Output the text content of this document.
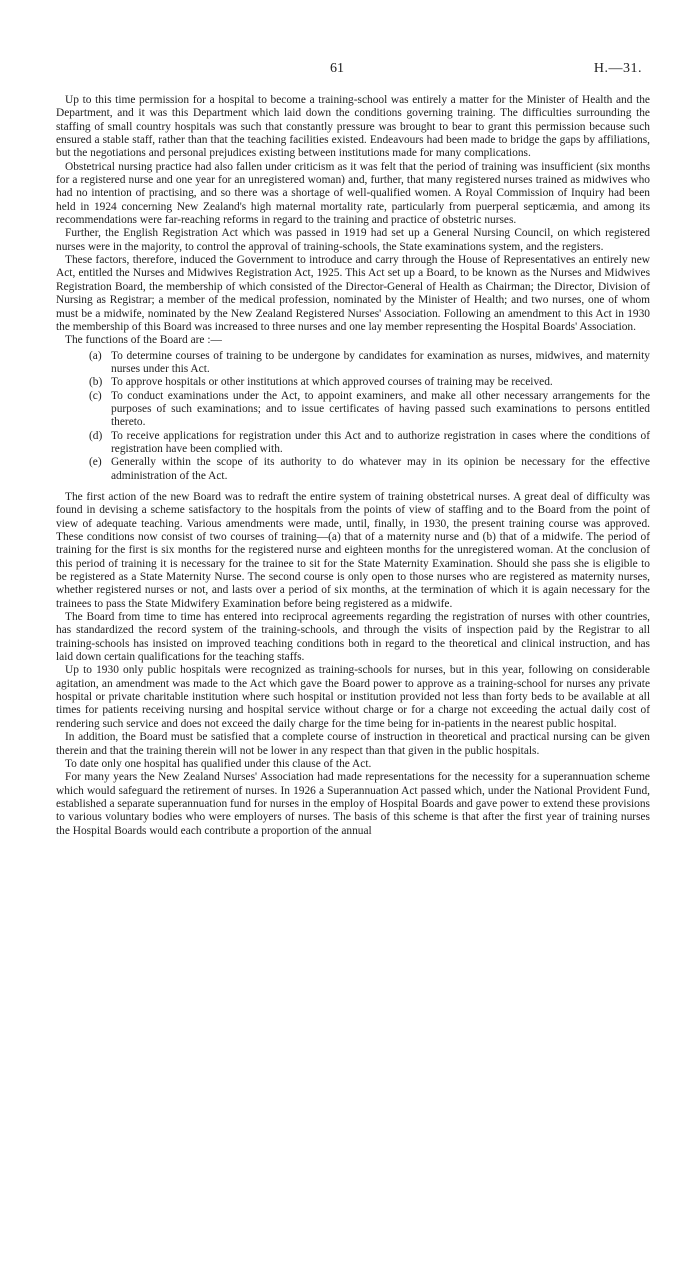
61	H.—31.

Up to this time permission for a hospital to become a training-school was entirely a matter for the Minister of Health and the Department, and it was this Department which laid down the conditions governing training. The difficulties surrounding the staffing of small country hospitals was such that constantly pressure was brought to bear to grant this permission because such ensured a stable staff, rather than that the teaching facilities existed. Endeavours had been made to bridge the gaps by affiliations, but the negotiations and personal prejudices existing between institutions made for many complications.

Obstetrical nursing practice had also fallen under criticism as it was felt that the period of training was insufficient (six months for a registered nurse and one year for an unregistered woman) and, further, that many registered nurses trained as midwives who had no intention of practising, and so there was a shortage of well-qualified women. A Royal Commission of Inquiry had been held in 1924 concerning New Zealand's high maternal mortality rate, particularly from puerperal septicæmia, and among its recommendations were far-reaching reforms in regard to the training and practice of obstetric nurses.

Further, the English Registration Act which was passed in 1919 had set up a General Nursing Council, on which registered nurses were in the majority, to control the approval of training-schools, the State examinations system, and the registers.

These factors, therefore, induced the Government to introduce and carry through the House of Representatives an entirely new Act, entitled the Nurses and Midwives Registration Act, 1925. This Act set up a Board, to be known as the Nurses and Midwives Registration Board, the membership of which consisted of the Director-General of Health as Chairman; the Director, Division of Nursing as Registrar; a member of the medical profession, nominated by the Minister of Health; and two nurses, one of whom must be a midwife, nominated by the New Zealand Registered Nurses' Association. Following an amendment to this Act in 1930 the membership of this Board was increased to three nurses and one lay member representing the Hospital Boards' Association.

The functions of the Board are :—

(a) To determine courses of training to be undergone by candidates for examination as nurses, midwives, and maternity nurses under this Act.
(b) To approve hospitals or other institutions at which approved courses of training may be received.
(c) To conduct examinations under the Act, to appoint examiners, and make all other necessary arrangements for the purposes of such examinations; and to issue certificates of having passed such examinations to persons entitled thereto.
(d) To receive applications for registration under this Act and to authorize registration in cases where the conditions of registration have been complied with.
(e) Generally within the scope of its authority to do whatever may in its opinion be necessary for the effective administration of the Act.

The first action of the new Board was to redraft the entire system of training obstetrical nurses. A great deal of difficulty was found in devising a scheme satisfactory to the hospitals from the points of view of staffing and to the Board from the point of view of adequate teaching. Various amendments were made, until, finally, in 1930, the present training course was approved. These conditions now consist of two courses of training—(a) that of a maternity nurse and (b) that of a midwife. The period of training for the first is six months for the registered nurse and eighteen months for the unregistered woman. At the conclusion of this period of training it is necessary for the trainee to sit for the State Maternity Examination. Should she pass she is eligible to be registered as a State Maternity Nurse. The second course is only open to those nurses who are registered as maternity nurses, whether registered nurses or not, and lasts over a period of six months, at the termination of which it is again necessary for the trainees to pass the State Midwifery Examination before being registered as a midwife.

The Board from time to time has entered into reciprocal agreements regarding the registration of nurses with other countries, has standardized the record system of the training-schools, and through the visits of inspection paid by the Registrar to all training-schools has insisted on improved teaching conditions both in regard to the theoretical and clinical instruction, and has laid down certain qualifications for the teaching staffs.

Up to 1930 only public hospitals were recognized as training-schools for nurses, but in this year, following on considerable agitation, an amendment was made to the Act which gave the Board power to approve as a training-school for nurses any private hospital or private charitable institution where such hospital or institution provided not less than forty beds to be available at all times for patients receiving nursing and hospital service without charge or for a charge not exceeding the actual daily cost of rendering such service and does not exceed the daily charge for the time being for in-patients in the nearest public hospital.

In addition, the Board must be satisfied that a complete course of instruction in theoretical and practical nursing can be given therein and that the training therein will not be lower in any respect than that given in the public hospitals.

To date only one hospital has qualified under this clause of the Act.

For many years the New Zealand Nurses' Association had made representations for the necessity for a superannuation scheme which would safeguard the retirement of nurses. In 1926 a Superannuation Act passed which, under the National Provident Fund, established a separate superannuation fund for nurses in the employ of Hospital Boards and gave power to extend these provisions to various voluntary bodies who were employers of nurses. The basis of this scheme is that after the first year of training nurses the Hospital Boards would each contribute a proportion of the annual
